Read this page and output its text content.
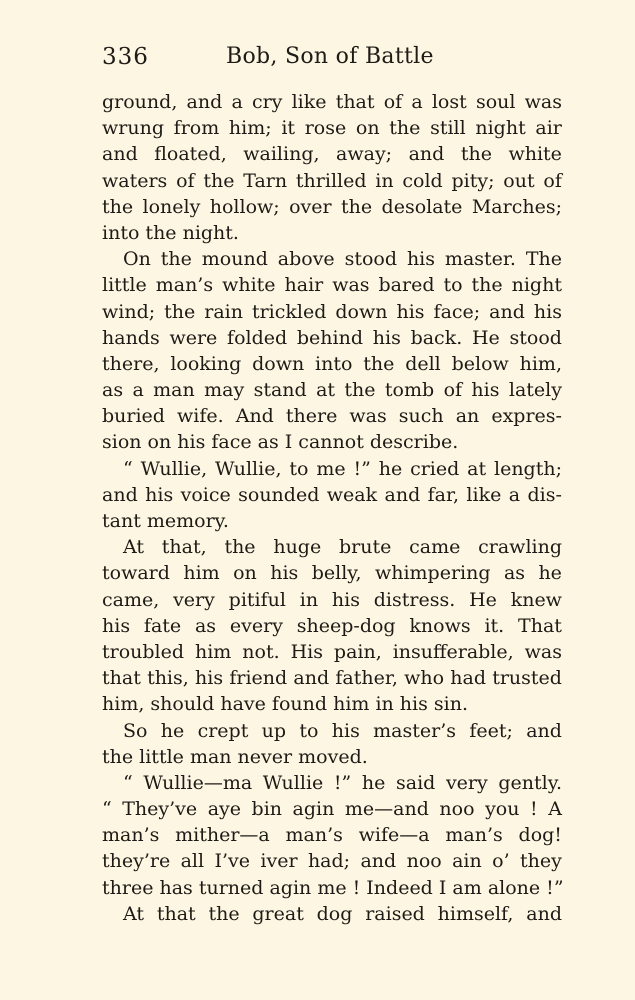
336	Bob, Son of Battle
ground, and a cry like that of a lost soul was
wrung from him; it rose on the still night air
and floated, wailing, away; and the white
waters of the Tarn thrilled in cold pity; out of
the lonely hollow; over the desolate Marches;
into the night.
On the mound above stood his master. The
little man’s white hair was bared to the night
wind; the rain trickled down his face; and his
hands were folded behind his back. He stood
there, looking down into the dell below him,
as a man may stand at the tomb of his lately
buried wife. And there was such an expres-
sion on his face as I cannot describe.
“ Wullie, Wullie, to me !” he cried at length;
and his voice sounded weak and far, like a dis-
tant memory.
At that, the huge brute came crawling
toward him on his belly, whimpering as he
came, very pitiful in his distress. He knew
his fate as every sheep-dog knows it. That
troubled him not. His pain, insufferable, was
that this, his friend and father, who had trusted
him, should have found him in his sin.
So he crept up to his master’s feet; and
the little man never moved.
“ Wullie—ma Wullie !” he said very gently.
“ They’ve aye bin agin me—and noo you ! A
man’s mither—a man’s wife—a man’s dog!
they’re all I’ve iver had; and noo ain o’ they
three has turned agin me ! Indeed I am alone !”
At that the great dog raised himself, and
